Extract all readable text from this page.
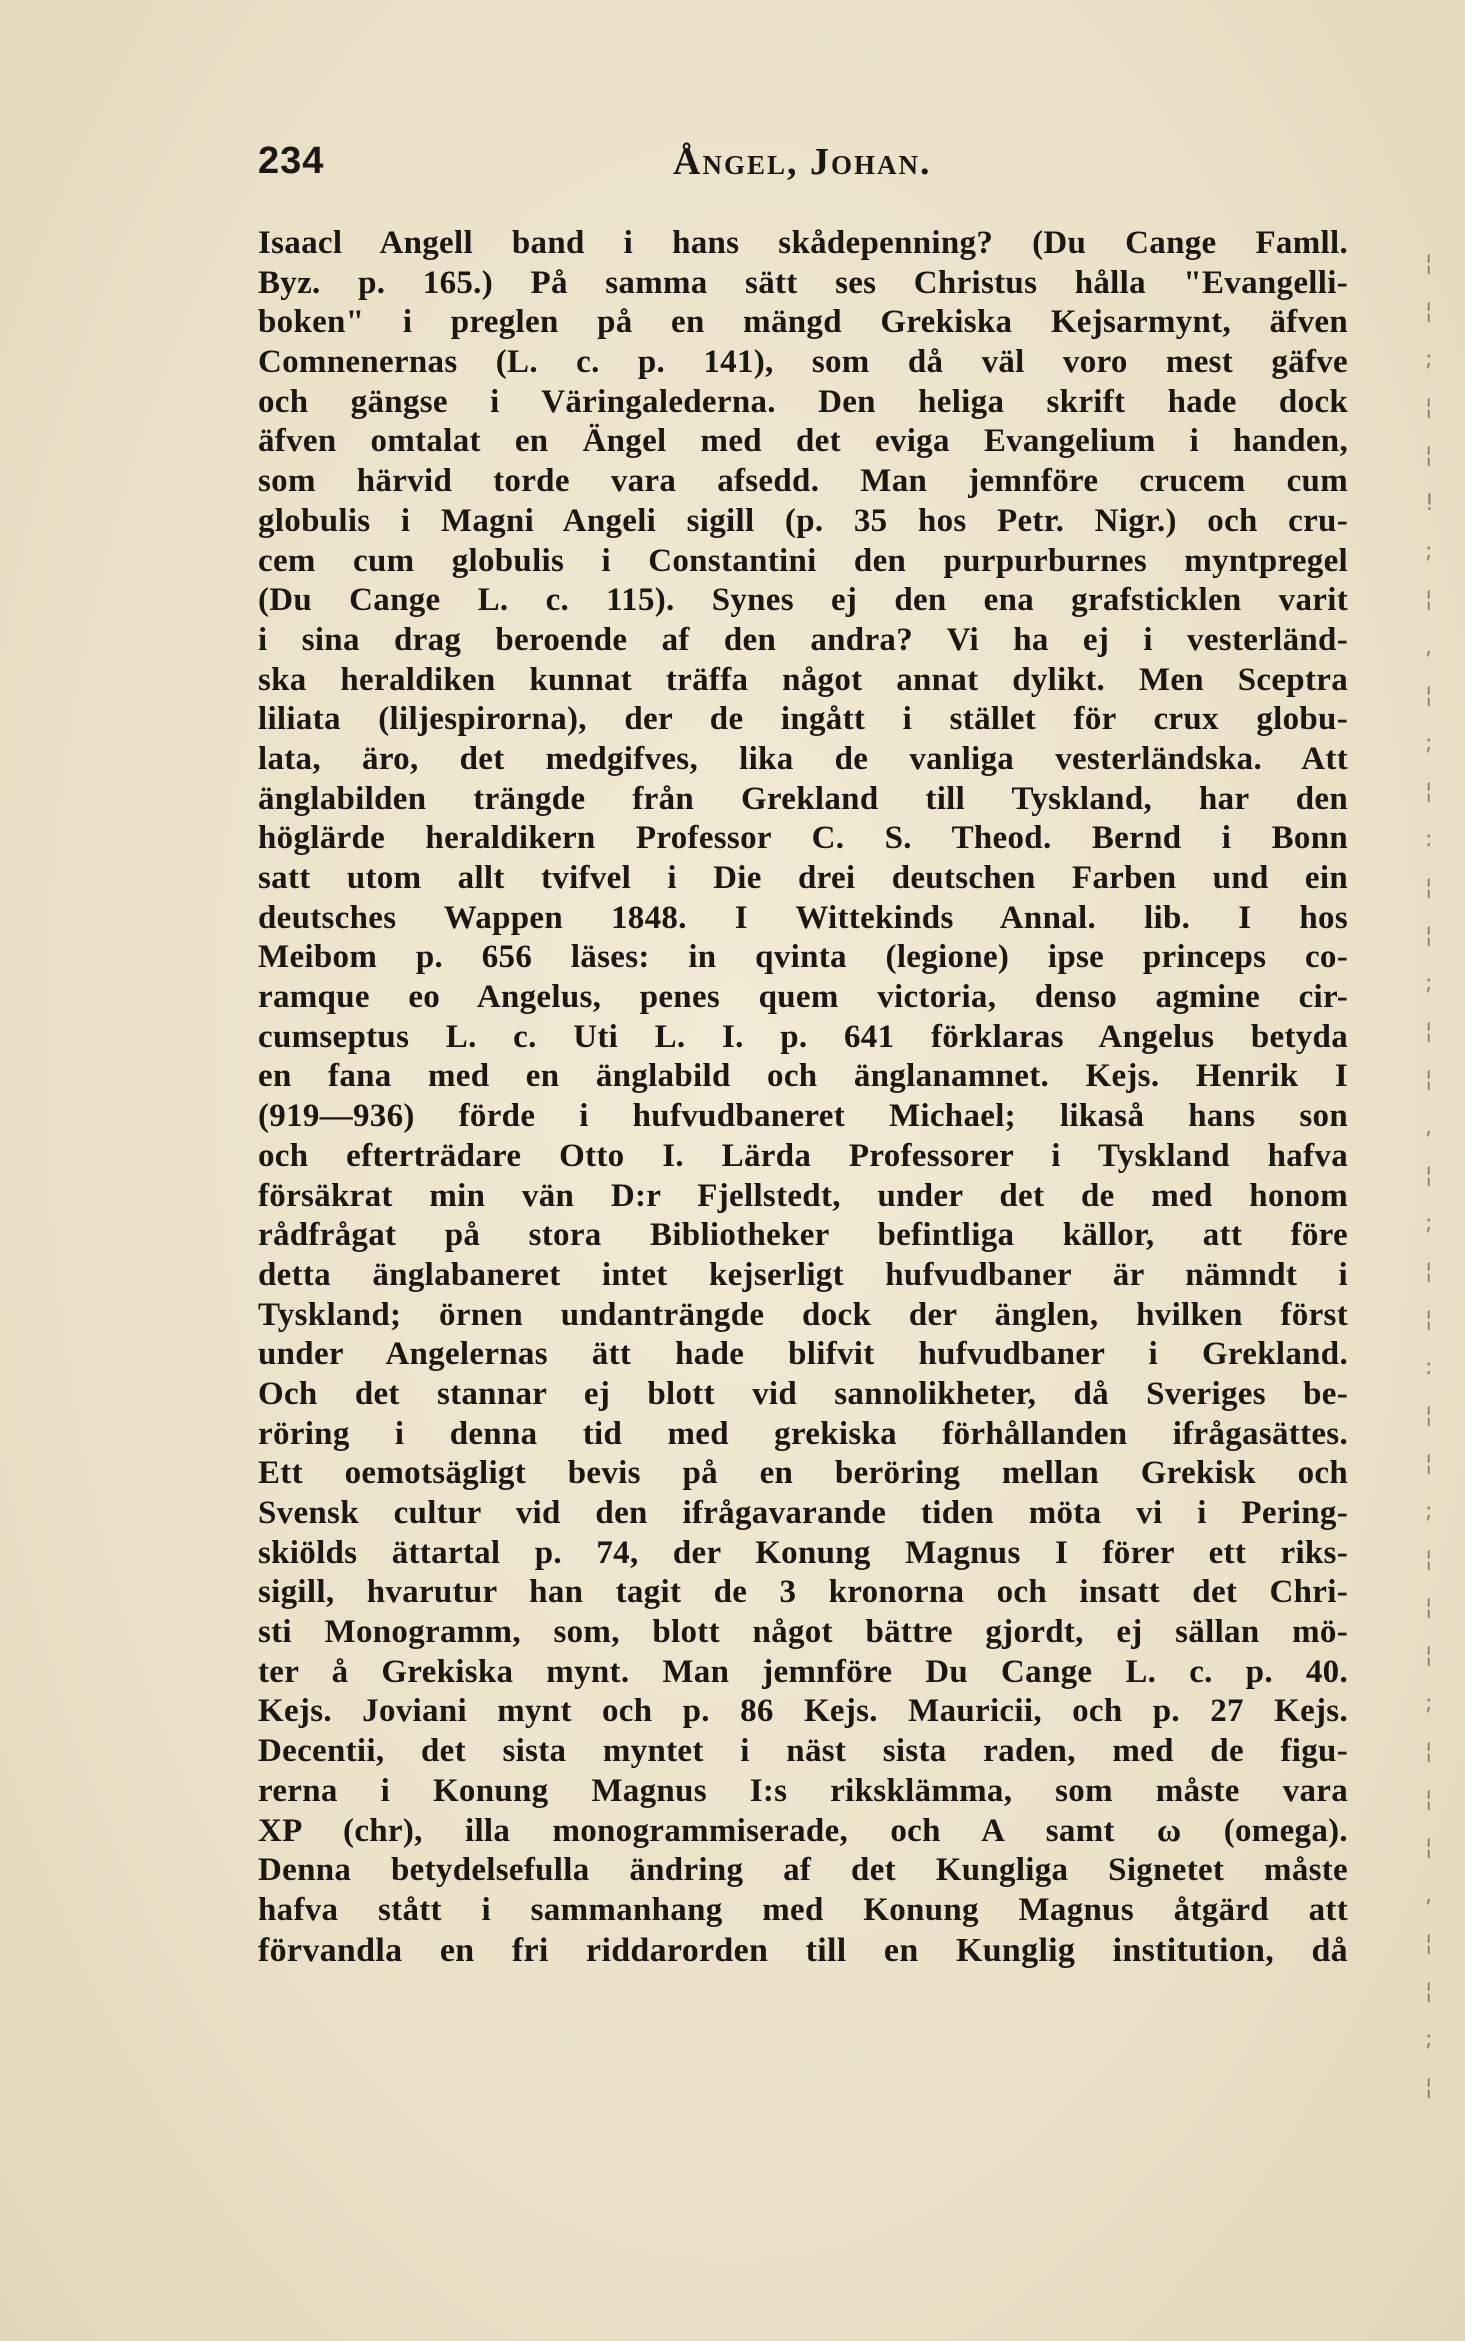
234	Ångel, Johan.
Isaacl Angell band i hans skådepenning? (Du Cange Famll.
Byz. p. 165.) På samma sätt ses Christus hålla "Evangelli-
boken" i preglen på en mängd Grekiska Kejsarmynt, äfven
Comnenernas (L. c. p. 141), som då väl voro mest gäfve
och gängse i Väringalederna. Den heliga skrift hade dock
äfven omtalat en Ängel med det eviga Evangelium i handen,
som härvid torde vara afsedd. Man jemnföre crucem cum
globulis i Magni Angeli sigill (p. 35 hos Petr. Nigr.) och cru-
cem cum globulis i Constantini den purpurburnes myntpregel
(Du Cange L. c. 115). Synes ej den ena grafsticklen varit
i sina drag beroende af den andra? Vi ha ej i vesterländ-
ska heraldiken kunnat träffa något annat dylikt. Men Sceptra
liliata (liljespirorna), der de ingått i stället för crux globu-
lata, äro, det medgifves, lika de vanliga vesterländska. Att
änglabilden trängde från Grekland till Tyskland, har den
höglärde heraldikern Professor C. S. Theod. Bernd i Bonn
satt utom allt tvifvel i Die drei deutschen Farben und ein
deutsches Wappen 1848. I Wittekinds Annal. lib. I hos
Meibom p. 656 läses: in qvinta (legione) ipse princeps co-
ramque eo Angelus, penes quem victoria, denso agmine cir-
cumseptus L. c. Uti L. I. p. 641 förklaras Angelus betyda
en fana med en änglabild och änglanamnet. Kejs. Henrik I
(919—936) förde i hufvudbaneret Michael; likaså hans son
och efterträdare Otto I. Lärda Professorer i Tyskland hafva
försäkrat min vän D:r Fjellstedt, under det de med honom
rådfrågat på stora Bibliotheker befintliga källor, att före
detta änglabaneret intet kejserligt hufvudbaner är nämndt i
Tyskland; örnen undanträngde dock der änglen, hvilken först
under Angelernas ätt hade blifvit hufvudbaner i Grekland.
Och det stannar ej blott vid sannolikheter, då Sveriges be-
röring i denna tid med grekiska förhållanden ifrågasättes.
Ett oemotsägligt bevis på en beröring mellan Grekisk och
Svensk cultur vid den ifrågavarande tiden möta vi i Pering-
skiölds ättartal p. 74, der Konung Magnus I förer ett riks-
sigill, hvarutur han tagit de 3 kronorna och insatt det Chri-
sti Monogramm, som, blott något bättre gjordt, ej sällan mö-
ter å Grekiska mynt. Man jemnföre Du Cange L. c. p. 40.
Kejs. Joviani mynt och p. 86 Kejs. Mauricii, och p. 27 Kejs.
Decentii, det sista myntet i näst sista raden, med de figu-
rerna i Konung Magnus I:s riksklämma, som måste vara
XP (chr), illa monogrammiserade, och A samt ω (omega).
Denna betydelsefulla ändring af det Kungliga Signetet måste
hafva stått i sammanhang med Konung Magnus åtgärd att
förvandla en fri riddarorden till en Kunglig institution, då
¦
¦
;
¦
¦
!
;
¦
,
¦
;
¦
:
¦
¦
;
¦
¦
,
¦
;
¦
¦
:
¦
¦
;
¦
¦
¦
;
¦
¦
¦
,
¦
¦
;
¦
